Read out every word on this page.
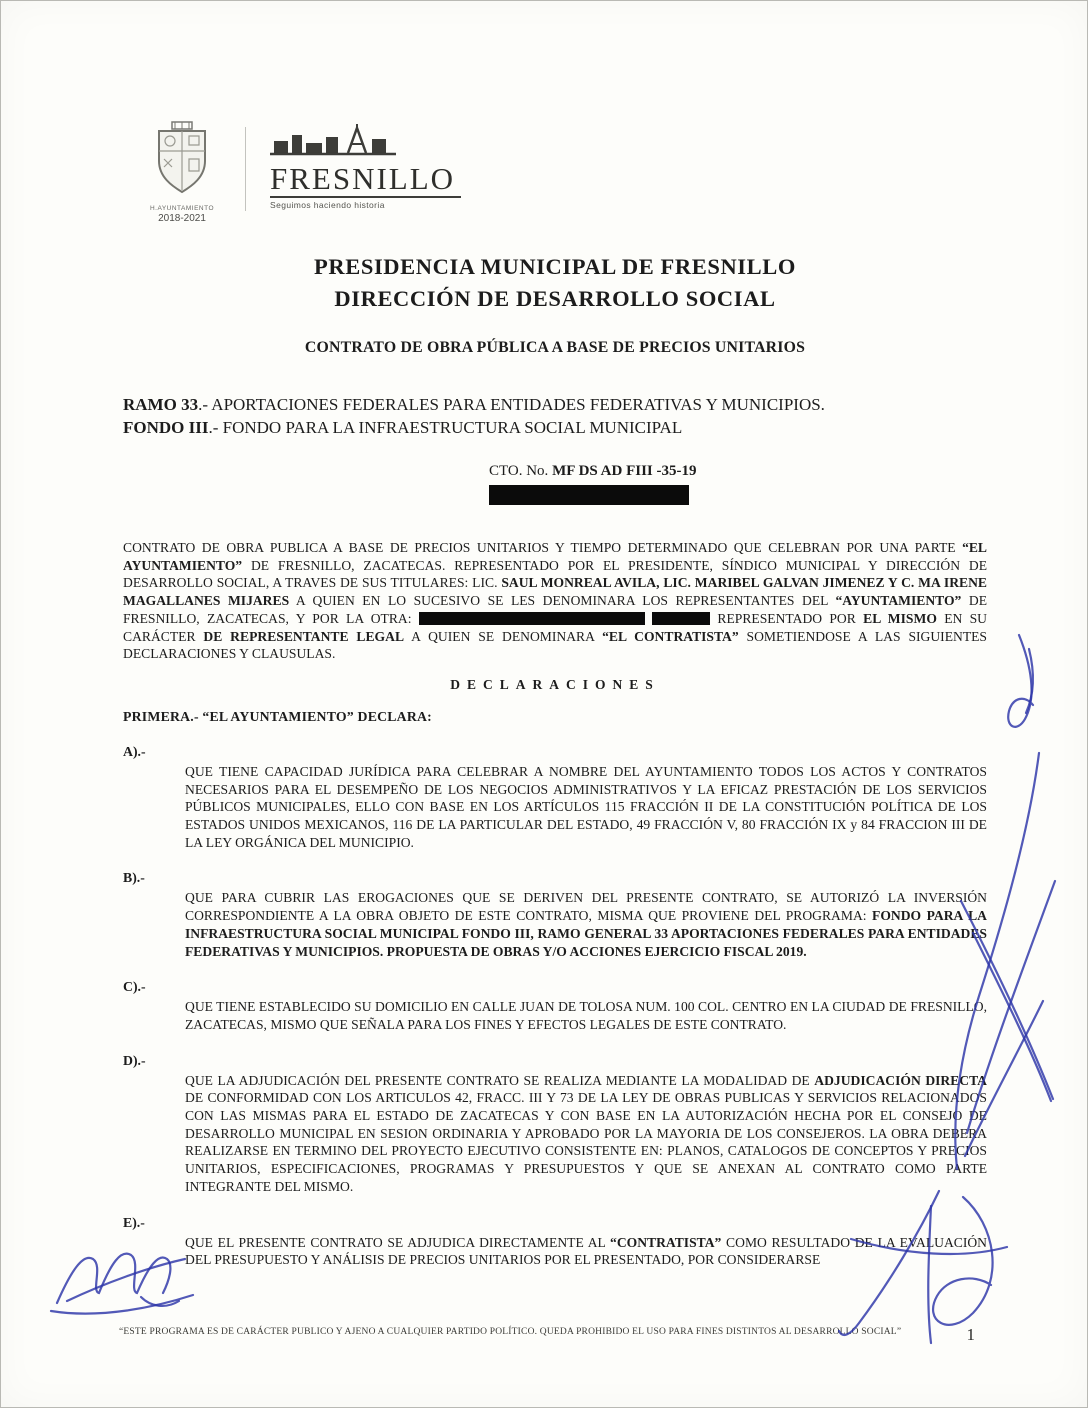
H.AYUNTAMIENTO
2018-2021
FRESNILLO
Seguimos haciendo historia
PRESIDENCIA MUNICIPAL DE FRESNILLO
DIRECCIÓN DE DESARROLLO SOCIAL
CONTRATO DE OBRA PÚBLICA A BASE DE PRECIOS UNITARIOS
RAMO 33.- APORTACIONES FEDERALES PARA ENTIDADES FEDERATIVAS Y MUNICIPIOS.
FONDO III.- FONDO PARA LA INFRAESTRUCTURA SOCIAL MUNICIPAL
CTO. No. MF DS AD FIII -35-19

CONTRATO DE OBRA PUBLICA A BASE DE PRECIOS UNITARIOS Y TIEMPO DETERMINADO QUE CELEBRAN POR UNA PARTE “EL AYUNTAMIENTO” DE FRESNILLO, ZACATECAS. REPRESENTADO POR EL PRESIDENTE, SÍNDICO MUNICIPAL Y DIRECCIÓN DE DESARROLLO SOCIAL, A TRAVES DE SUS TITULARES: LIC. SAUL MONREAL AVILA, LIC. MARIBEL GALVAN JIMENEZ Y C. MA IRENE MAGALLANES MIJARES A QUIEN EN LO SUCESIVO SE LES DENOMINARA LOS REPRESENTANTES DEL “AYUNTAMIENTO” DE FRESNILLO, ZACATECAS, Y POR LA OTRA:	REPRESENTADO POR EL MISMO EN SU CARÁCTER DE REPRESENTANTE LEGAL A QUIEN SE DENOMINARA “EL CONTRATISTA” SOMETIENDOSE A LAS SIGUIENTES DECLARACIONES Y CLAUSULAS.

DECLARACIONES
PRIMERA.- “EL AYUNTAMIENTO” DECLARA:
A).-

QUE TIENE CAPACIDAD JURÍDICA PARA CELEBRAR A NOMBRE DEL AYUNTAMIENTO TODOS LOS ACTOS Y CONTRATOS NECESARIOS PARA EL DESEMPEÑO DE LOS NEGOCIOS ADMINISTRATIVOS Y LA EFICAZ PRESTACIÓN DE LOS SERVICIOS PÚBLICOS MUNICIPALES, ELLO CON BASE EN LOS ARTÍCULOS 115 FRACCIÓN II DE LA CONSTITUCIÓN POLÍTICA DE LOS ESTADOS UNIDOS MEXICANOS, 116 DE LA PARTICULAR DEL ESTADO, 49 FRACCIÓN V, 80 FRACCIÓN IX y 84 FRACCION III DE LA LEY ORGÁNICA DEL MUNICIPIO.

B).-

QUE PARA CUBRIR LAS EROGACIONES QUE SE DERIVEN DEL PRESENTE CONTRATO, SE AUTORIZÓ LA INVERSIÓN CORRESPONDIENTE A LA OBRA OBJETO DE ESTE CONTRATO, MISMA QUE PROVIENE DEL PROGRAMA: FONDO PARA LA INFRAESTRUCTURA SOCIAL MUNICIPAL FONDO III, RAMO GENERAL 33 APORTACIONES FEDERALES PARA ENTIDADES FEDERATIVAS Y MUNICIPIOS. PROPUESTA DE OBRAS Y/O ACCIONES EJERCICIO FISCAL 2019.

C).-

QUE TIENE ESTABLECIDO SU DOMICILIO EN CALLE JUAN DE TOLOSA NUM. 100 COL. CENTRO EN LA CIUDAD DE FRESNILLO, ZACATECAS, MISMO QUE SEÑALA PARA LOS FINES Y EFECTOS LEGALES DE ESTE CONTRATO.

D).-

QUE LA ADJUDICACIÓN DEL PRESENTE CONTRATO SE REALIZA MEDIANTE LA MODALIDAD DE ADJUDICACIÓN DIRECTA DE CONFORMIDAD CON LOS ARTICULOS 42, FRACC. III Y 73 DE LA LEY DE OBRAS PUBLICAS Y SERVICIOS RELACIONADOS CON LAS MISMAS PARA EL ESTADO DE ZACATECAS Y CON BASE EN LA AUTORIZACIÓN HECHA POR EL CONSEJO DE DESARROLLO MUNICIPAL EN SESION ORDINARIA Y APROBADO POR LA MAYORIA DE LOS CONSEJEROS. LA OBRA DEBERA REALIZARSE EN TERMINO DEL PROYECTO EJECUTIVO CONSISTENTE EN: PLANOS, CATALOGOS DE CONCEPTOS Y PRECIOS UNITARIOS, ESPECIFICACIONES, PROGRAMAS Y PRESUPUESTOS Y QUE SE ANEXAN AL CONTRATO COMO PARTE INTEGRANTE DEL MISMO.

E).-

QUE EL PRESENTE CONTRATO SE ADJUDICA DIRECTAMENTE AL “CONTRATISTA” COMO RESULTADO DE LA EVALUACIÓN DEL PRESUPUESTO Y ANÁLISIS DE PRECIOS UNITARIOS POR EL PRESENTADO, POR CONSIDERARSE

“ESTE PROGRAMA ES DE CARÁCTER PUBLICO Y AJENO A CUALQUIER PARTIDO POLÍTICO. QUEDA PROHIBIDO EL USO PARA FINES DISTINTOS AL DESARROLLO SOCIAL”	1
